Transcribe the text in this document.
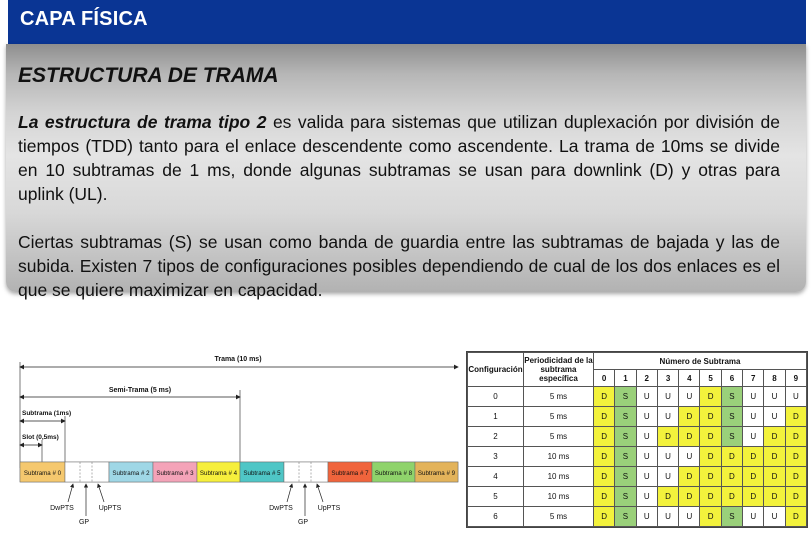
CAPA FÍSICA
ESTRUCTURA DE TRAMA

La estructura de trama tipo 2 es valida para sistemas que utilizan duplexación por división de tiempos (TDD) tanto para el enlace descendente como ascendente. La trama de 10ms se divide en 10 subtramas de 1 ms, donde algunas subtramas se usan para downlink (D) y otras para uplink (UL).

Ciertas subtramas (S) se usan como banda de guardia entre las subtramas de bajada y las de subida. Existen 7 tipos de configuraciones posibles dependiendo de cual de los dos enlaces es el que se quiere maximizar en capacidad.

Trama (10 ms)
Semi-Trama (5 ms)
Subtrama (1ms)
Slot (0,5ms)
Subtrama # 0	Subtrama # 2 Subtrama # 3 Subtrama # 4 Subtrama # 5	Subtrama # 7 Subtrama # 8 Subtrama # 9
DwPTS
GP
UpPTS	DwPTS
GP
UpPTS
Configuración	Periodicidad de la
subtrama específica	Número de Subtrama									
		0	1	2	3	4	5	6	7	8	9
0	5 ms	D	S	U	U	U	D	S	U	U	U
1	5 ms	D	S	U	U	D	D	S	U	U	D
2	5 ms	D	S	U	D	D	D	S	U	D	D
3	10 ms	D	S	U	U	U	D	D	D	D	D
4	10 ms	D	S	U	U	D	D	D	D	D	D
5	10 ms	D	S	U	D	D	D	D	D	D	D
6	5 ms	D	S	U	U	U	D	S	U	U	D
